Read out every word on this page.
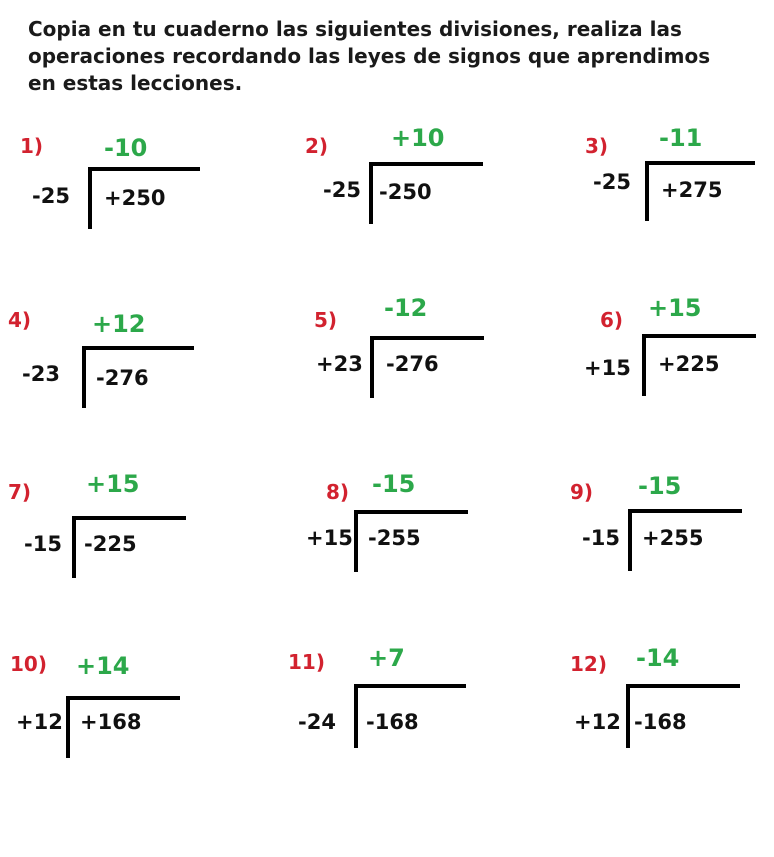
Copia en tu cuaderno las siguientes divisiones, realiza las
operaciones recordando las leyes de signos que aprendimos
en estas lecciones.
1)	-10
-25 +250
2)	+10
-25 -250
3) -11
-25 +275
4)	+12
-23 -276
5) -12
+23 -276
6) +15
+15 +225
7) +15
-15 -225
8) -15
+15 -255
9) -15
-15 +255
10) +14
+12 +168
11) +7
-24 -168
12) -14
+12 -168
